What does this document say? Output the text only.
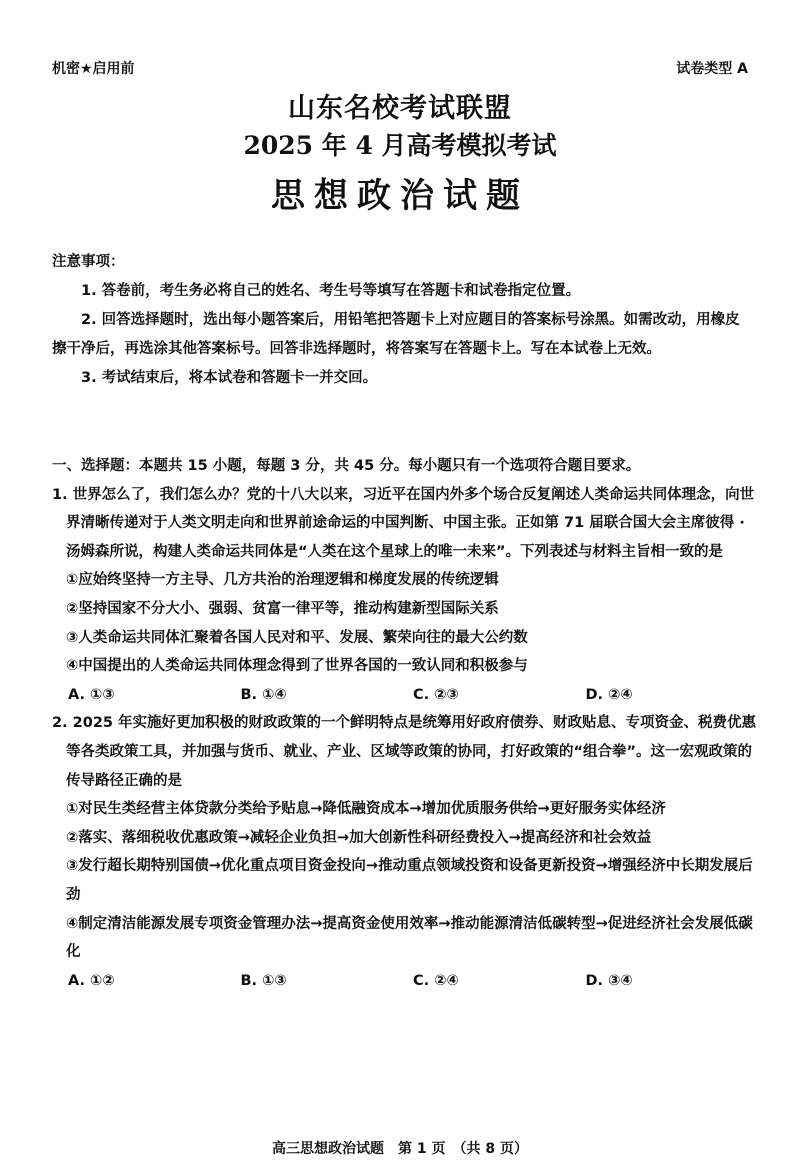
机密★启用前	试卷类型 A
山东名校考试联盟
2025 年 4 月高考模拟考试
思想政治试题

注意事项：

1. 答卷前，考生务必将自己的姓名、考生号等填写在答题卡和试卷指定位置。

2. 回答选择题时，选出每小题答案后，用铅笔把答题卡上对应题目的答案标号涂黑。如需改动，用橡皮擦干净后，再选涂其他答案标号。回答非选择题时，将答案写在答题卡上。写在本试卷上无效。

3. 考试结束后，将本试卷和答题卡一并交回。

一、选择题：本题共 15 小题，每题 3 分，共 45 分。每小题只有一个选项符合题目要求。

1. 世界怎么了，我们怎么办？党的十八大以来，习近平在国内外多个场合反复阐述人类命运共同体理念，向世界清晰传递对于人类文明走向和世界前途命运的中国判断、中国主张。正如第 71 届联合国大会主席彼得 · 汤姆森所说，构建人类命运共同体是“人类在这个星球上的唯一未来”。下列表述与材料主旨相一致的是

①应始终坚持一方主导、几方共治的治理逻辑和梯度发展的传统逻辑

②坚持国家不分大小、强弱、贫富一律平等，推动构建新型国际关系

③人类命运共同体汇聚着各国人民对和平、发展、繁荣向往的最大公约数

④中国提出的人类命运共同体理念得到了世界各国的一致认同和积极参与

A. ①③	B. ①④	C. ②③	D. ②④

2. 2025 年实施好更加积极的财政政策的一个鲜明特点是统筹用好政府债券、财政贴息、专项资金、税费优惠等各类政策工具，并加强与货币、就业、产业、区域等政策的协同，打好政策的“组合拳”。这一宏观政策的传导路径正确的是

①对民生类经营主体贷款分类给予贴息→降低融资成本→增加优质服务供给→更好服务实体经济

②落实、落细税收优惠政策→减轻企业负担→加大创新性科研经费投入→提高经济和社会效益

③发行超长期特别国债→优化重点项目资金投向→推动重点领域投资和设备更新投资→增强经济中长期发展后劲

④制定清洁能源发展专项资金管理办法→提高资金使用效率→推动能源清洁低碳转型→促进经济社会发展低碳化

A. ①②	B. ①③	C. ②④	D. ③④
高三思想政治试题　第 1 页　（共 8 页）
